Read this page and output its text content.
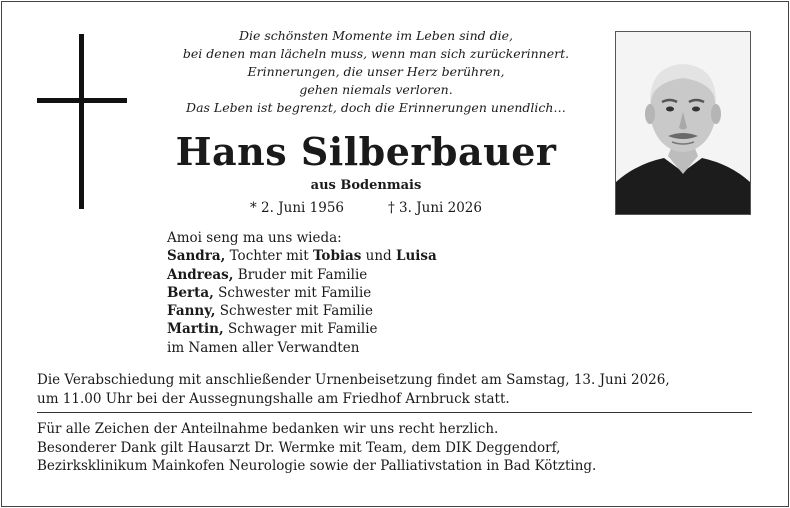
Die schönsten Momente im Leben sind die,
bei denen man lächeln muss, wenn man sich zurückerinnert.
Erinnerungen, die unser Herz berühren,
gehen niemals verloren.
Das Leben ist begrenzt, doch die Erinnerungen unendlich…
Hans Silberbauer
aus Bodenmais
* 2. Juni 1956	† 3. Juni 2026
Amoi seng ma uns wieda:
Sandra, Tochter mit Tobias und Luisa
Andreas, Bruder mit Familie
Berta, Schwester mit Familie
Fanny, Schwester mit Familie
Martin, Schwager mit Familie
im Namen aller Verwandten
Die Verabschiedung mit anschließender Urnenbeisetzung findet am Samstag, 13. Juni 2026,
um 11.00 Uhr bei der Aussegnungshalle am Friedhof Arnbruck statt.
Für alle Zeichen der Anteilnahme bedanken wir uns recht herzlich.
Besonderer Dank gilt Hausarzt Dr. Wermke mit Team, dem DIK Deggendorf,
Bezirksklinikum Mainkofen Neurologie sowie der Palliativstation in Bad Kötzting.
